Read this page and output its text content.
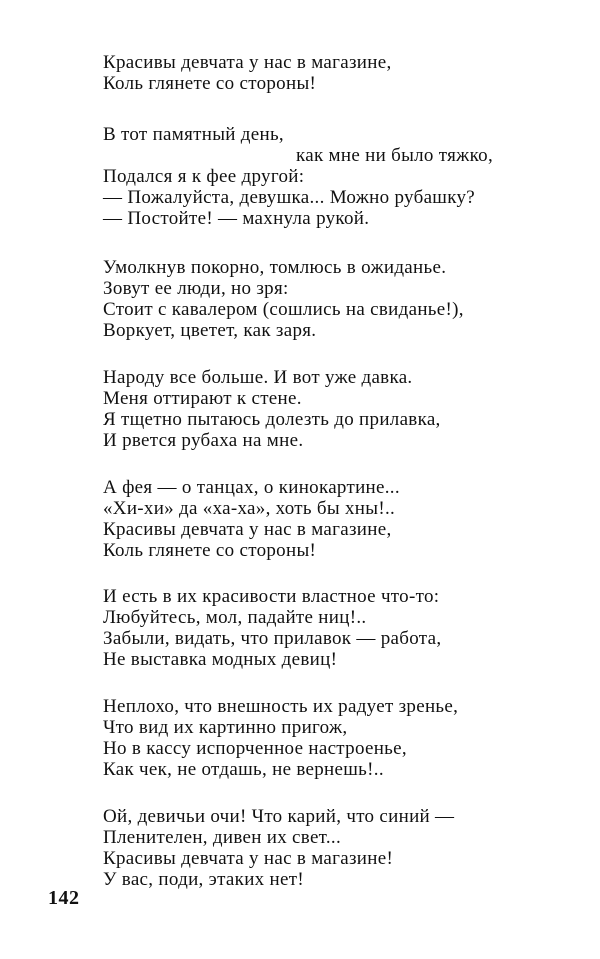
Красивы девчата у нас в магазине,
Коль глянете со стороны!
В тот памятный день,
как мне ни было тяжко,
Подался я к фее другой:
— Пожалуйста, девушка... Можно рубашку?
— Постойте! — махнула рукой.
Умолкнув покорно, томлюсь в ожиданье.
Зовут ее люди, но зря:
Стоит с кавалером (сошлись на свиданье!),
Воркует, цветет, как заря.
Народу все больше. И вот уже давка.
Меня оттирают к стене.
Я тщетно пытаюсь долезть до прилавка,
И рвется рубаха на мне.
А фея — о танцах, о кинокартине...
«Хи-хи» да «ха-ха», хоть бы хны!..
Красивы девчата у нас в магазине,
Коль глянете со стороны!
И есть в их красивости властное что-то:
Любуйтесь, мол, падайте ниц!..
Забыли, видать, что прилавок — работа,
Не выставка модных девиц!
Неплохо, что внешность их радует зренье,
Что вид их картинно пригож,
Но в кассу испорченное настроенье,
Как чек, не отдашь, не вернешь!..
Ой, девичьи очи! Что карий, что синий —
Пленителен, дивен их свет...
Красивы девчата у нас в магазине!
У вас, поди, этаких нет!
142
